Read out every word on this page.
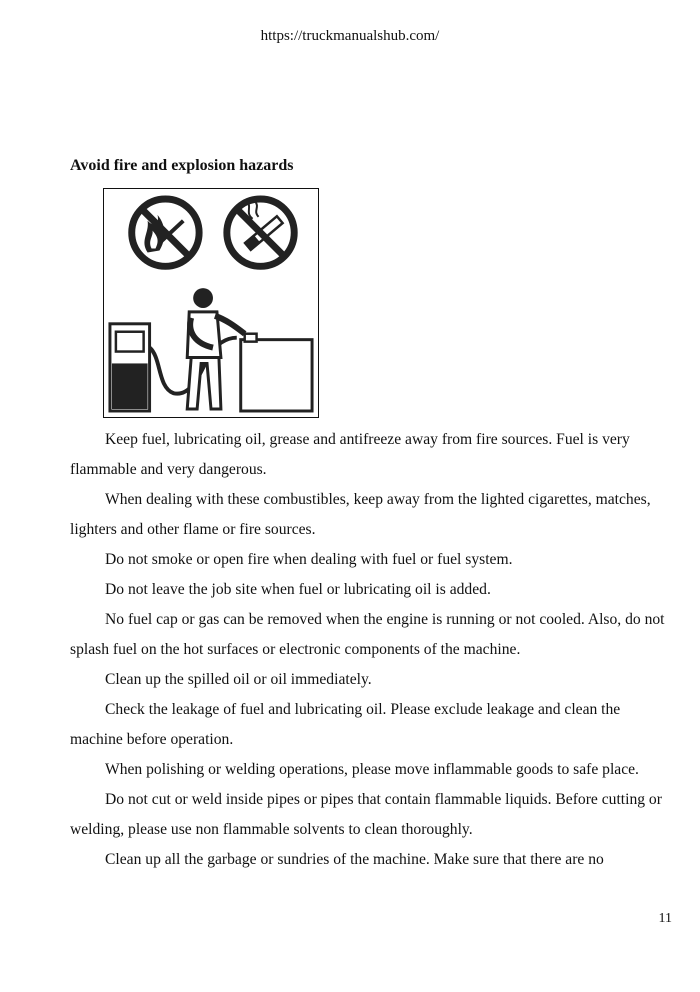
https://truckmanualshub.com/
Avoid fire and explosion hazards

Keep fuel, lubricating oil, grease and antifreeze away from fire sources. Fuel is very flammable and very dangerous.

When dealing with these combustibles, keep away from the lighted cigarettes, matches, lighters and other flame or fire sources.

Do not smoke or open fire when dealing with fuel or fuel system.

Do not leave the job site when fuel or lubricating oil is added.

No fuel cap or gas can be removed when the engine is running or not cooled. Also, do not splash fuel on the hot surfaces or electronic components of the machine.

Clean up the spilled oil or oil immediately.

Check the leakage of fuel and lubricating oil. Please exclude leakage and clean the machine before operation.

When polishing or welding operations, please move inflammable goods to safe place.

Do not cut or weld inside pipes or pipes that contain flammable liquids. Before cutting or welding, please use non flammable solvents to clean thoroughly.

Clean up all the garbage or sundries of the machine. Make sure that there are no

11
